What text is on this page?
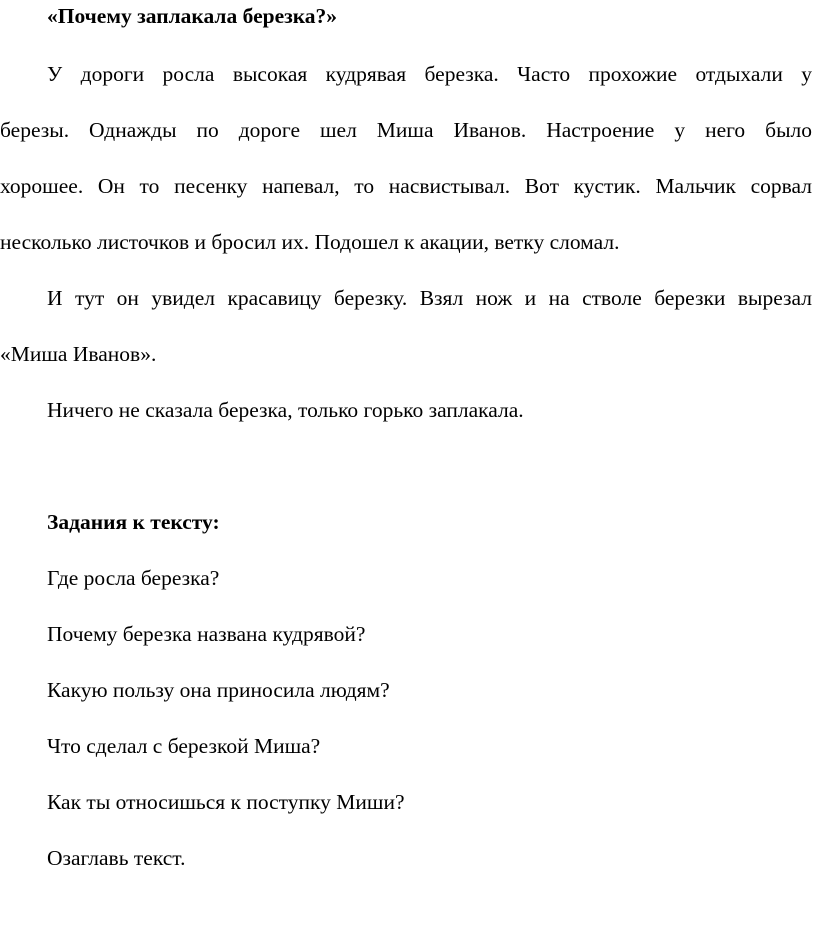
«Почему заплакала березка?»
У дороги росла высокая кудрявая березка. Часто прохожие отдыхали у
березы. Однажды по дороге шел Миша Иванов. Настроение у него было
хорошее. Он то песенку напевал, то насвистывал. Вот кустик. Мальчик сорвал
несколько листочков и бросил их. Подошел к акации, ветку сломал.
И тут он увидел красавицу березку. Взял нож и на стволе березки вырезал
«Миша Иванов».
Ничего не сказала березка, только горько заплакала.
Задания к тексту:
Где росла березка?
Почему березка названа кудрявой?
Какую пользу она приносила людям?
Что сделал с березкой Миша?
Как ты относишься к поступку Миши?
Озаглавь текст.
